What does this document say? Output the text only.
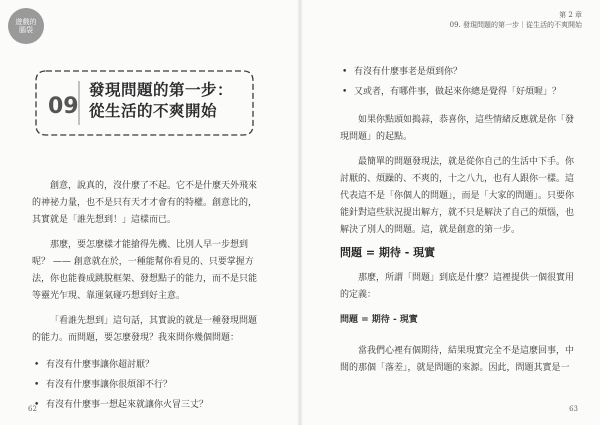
遊戲的
腦袋
09
發現問題的第一步：
從生活的不爽開始

創意，說真的，沒什麼了不起。它不是什麼天外飛來的神祕力量，也不是只有天才才會有的特權。創意比的，其實就是「誰先想到！」這樣而已。

那麼，要怎麼樣才能搶得先機、比別人早一步想到呢？ —— 創意就在於，一種能幫你看見的、只要掌握方法，你也能養成跳脫框架、發想點子的能力，而不是只能等靈光乍現、靠運氣碰巧想到好主意。

「看誰先想到」這句話，其實說的就是一種發現問題的能力。而問題，要怎麼發現？我來問你幾個問題：

• 有沒有什麼事讓你超討厭？
• 有沒有什麼事讓你很煩卻不行？
• 有沒有什麼事一想起來就讓你火冒三丈？
62
第 2 章
09. 發現問題的第一步｜從生活的不爽開始
• 有沒有什麼事老是煩到你？
• 又或者，有哪件事，做起來你總是覺得「好煩喔」？

如果你點頭如搗蒜，恭喜你，這些情緒反應就是你「發現問題」的起點。

最簡單的問題發現法，就是從你自己的生活中下手。你討厭的、煩躁的、不爽的，十之八九，也有人跟你一樣。這代表這不是「你個人的問題」，而是「大家的問題」。只要你能針對這些狀況提出解方，就不只是解決了自己的煩惱，也解決了別人的問題。這，就是創意的第一步。

問題 = 期待 - 現實

那麼，所謂「問題」到底是什麼？這裡提供一個很實用的定義：

問題 = 期待 - 現實

當我們心裡有個期待，結果現實完全不是這麼回事，中間的那個「落差」，就是問題的來源。因此，問題其實是一

63
